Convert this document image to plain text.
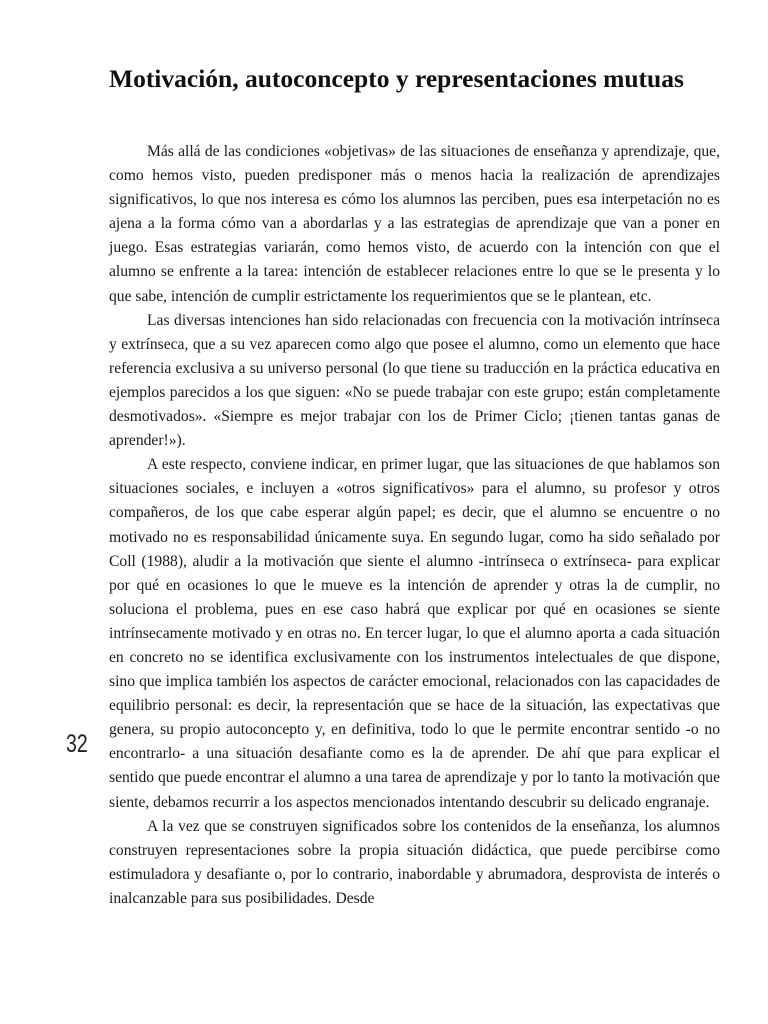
Motivación, autoconcepto y representaciones mutuas

Más allá de las condiciones «objetivas» de las situaciones de enseñanza y aprendizaje, que, como hemos visto, pueden predisponer más o menos hacia la realización de aprendizajes significativos, lo que nos interesa es cómo los alumnos las perciben, pues esa interpetación no es ajena a la forma cómo van a abordarlas y a las estrategias de aprendizaje que van a poner en juego. Esas estrategias variarán, como hemos visto, de acuerdo con la intención con que el alumno se enfrente a la tarea: intención de establecer relaciones entre lo que se le presenta y lo que sabe, intención de cumplir estrictamente los requerimientos que se le plantean, etc.

Las diversas intenciones han sido relacionadas con frecuencia con la motivación intrínseca y extrínseca, que a su vez aparecen como algo que posee el alumno, como un elemento que hace referencia exclusiva a su universo personal (lo que tiene su traducción en la práctica educativa en ejemplos parecidos a los que siguen: «No se puede trabajar con este grupo; están completamente desmotivados». «Siempre es mejor trabajar con los de Primer Ciclo; ¡tienen tantas ganas de aprender!»).

A este respecto, conviene indicar, en primer lugar, que las situaciones de que hablamos son situaciones sociales, e incluyen a «otros significativos» para el alumno, su profesor y otros compañeros, de los que cabe esperar algún papel; es decir, que el alumno se encuentre o no motivado no es responsabilidad únicamente suya. En segundo lugar, como ha sido señalado por Coll (1988), aludir a la motivación que siente el alumno -intrínseca o extrínseca- para explicar por qué en ocasiones lo que le mueve es la intención de aprender y otras la de cumplir, no soluciona el problema, pues en ese caso habrá que explicar por qué en ocasiones se siente intrínsecamente motivado y en otras no. En tercer lugar, lo que el alumno aporta a cada situación en concreto no se identifica exclusivamente con los instrumentos intelectuales de que dispone, sino que implica también los aspectos de carácter emocional, relacionados con las capacidades de equilibrio personal: es decir, la representación que se hace de la situación, las expectativas que genera, su propio autoconcepto y, en definitiva, todo lo que le permite encontrar sentido -o no encontrarlo- a una situación desafiante como es la de aprender. De ahí que para explicar el sentido que puede encontrar el alumno a una tarea de aprendizaje y por lo tanto la motivación que siente, debamos recurrir a los aspectos mencionados intentando descubrir su delicado engranaje.

A la vez que se construyen significados sobre los contenidos de la enseñanza, los alumnos construyen representaciones sobre la propia situación didáctica, que puede percibirse como estimuladora y desafiante o, por lo contrario, inabordable y abrumadora, desprovista de interés o inalcanzable para sus posibilidades. Desde

32
